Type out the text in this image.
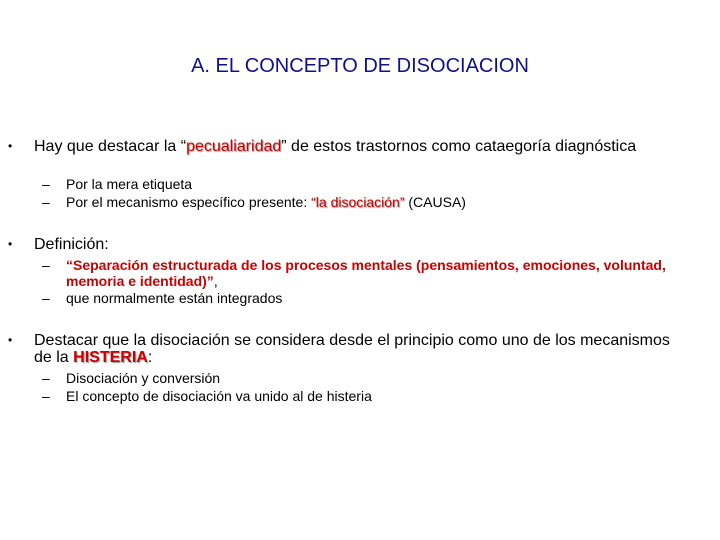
A. EL CONCEPTO DE DISOCIACION
• Hay que destacar la “pecualiaridad” de estos trastornos como cataegoría diagnóstica
– Por la mera etiqueta
– Por el mecanismo específico presente: “la disociación” (CAUSA)
• Definición:
– “Separación estructurada de los procesos mentales (pensamientos, emociones, voluntad, memoria e identidad)”,
– que normalmente están integrados
• Destacar que la disociación se considera desde el principio como uno de los mecanismos de la HISTERIA:
– Disociación y conversión
– El concepto de disociación va unido al de histeria
